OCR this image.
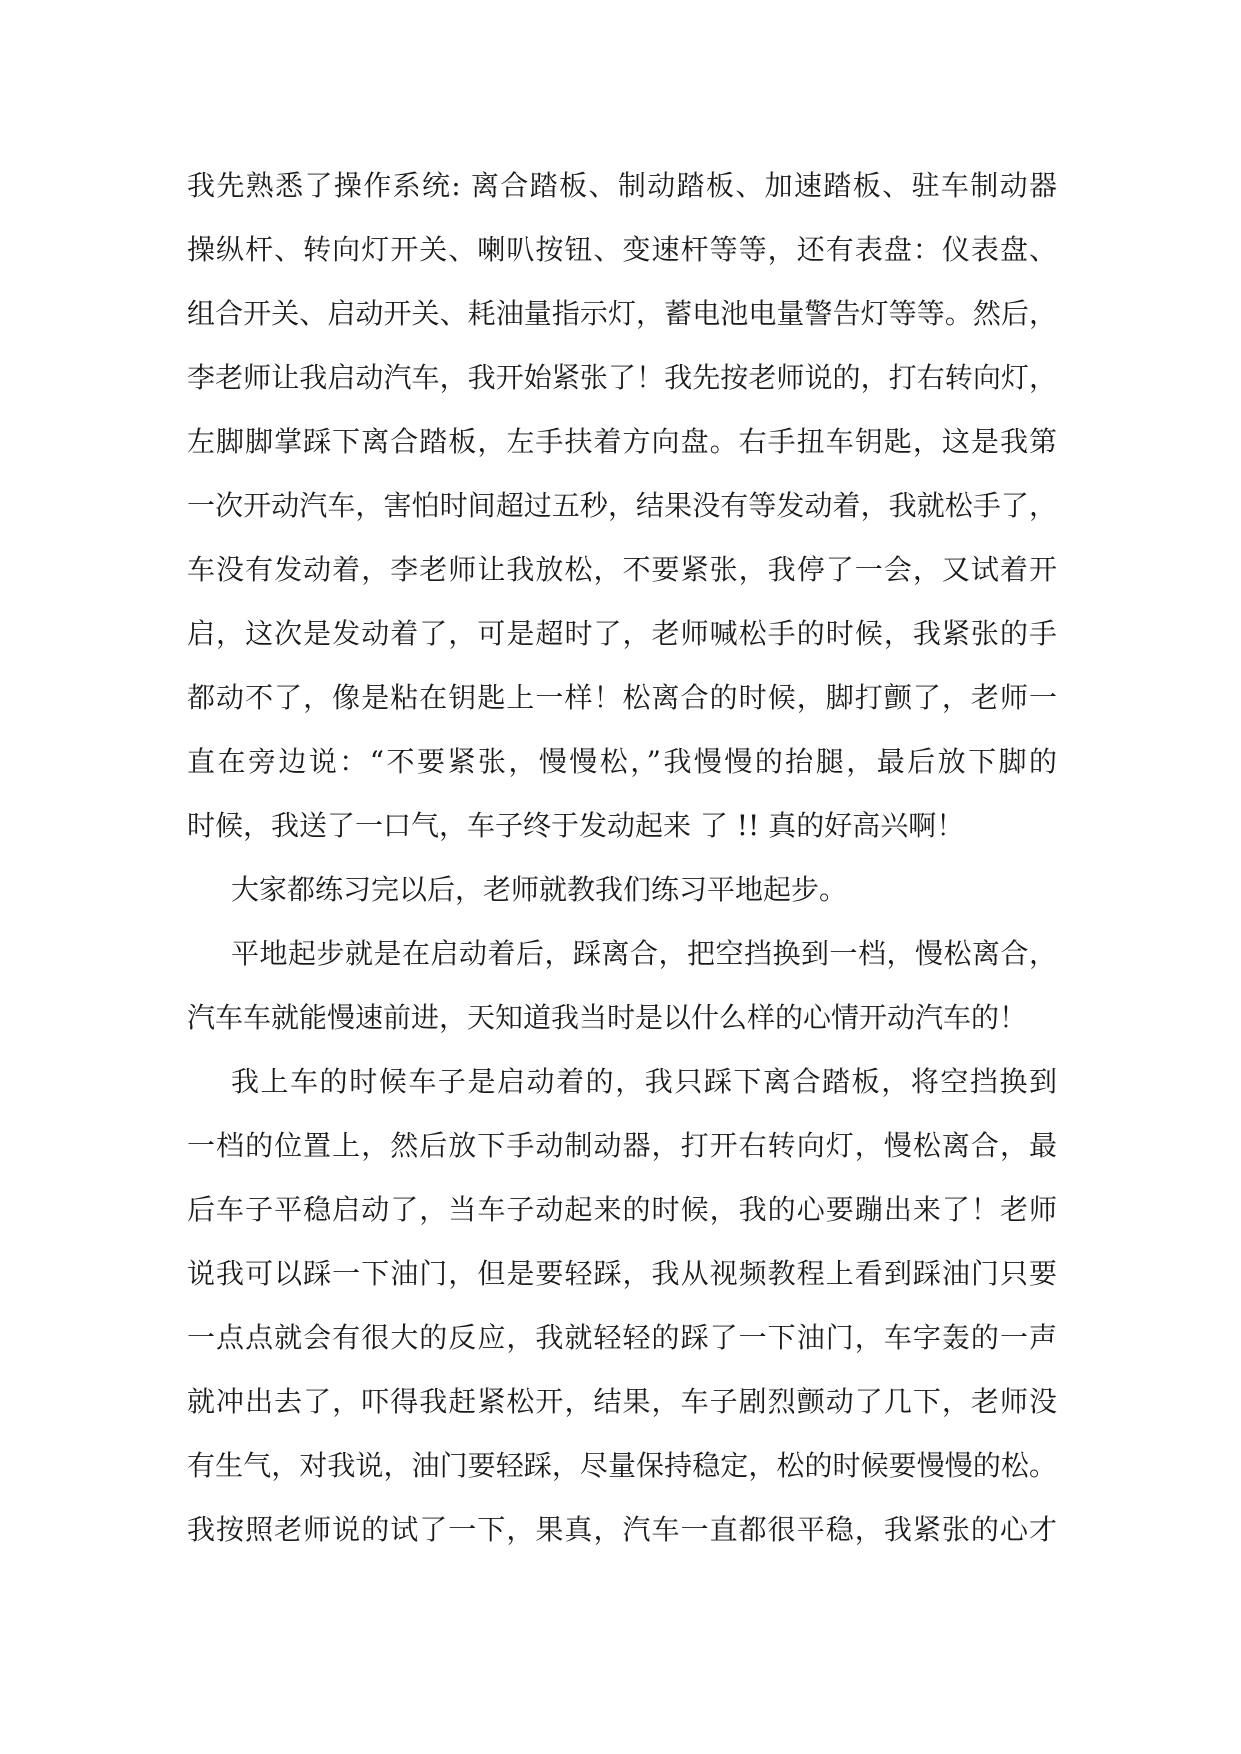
我先熟悉了操作系统: 离合踏板、制动踏板、加速踏板、驻车制动器
操纵杆、转向灯开关、喇叭按钮、变速杆等等，还有表盘：仪表盘、
组合开关、启动开关、耗油量指示灯，蓄电池电量警告灯等等。然后，
李老师让我启动汽车，我开始紧张了！我先按老师说的，打右转向灯，
左脚脚掌踩下离合踏板，左手扶着方向盘。右手扭车钥匙，这是我第
一次开动汽车，害怕时间超过五秒，结果没有等发动着，我就松手了，
车没有发动着，李老师让我放松，不要紧张，我停了一会，又试着开
启，这次是发动着了，可是超时了，老师喊松手的时候，我紧张的手
都动不了，像是粘在钥匙上一样！松离合的时候，脚打颤了，老师一
直在旁边说：“不要紧张，慢慢松，”我慢慢的抬腿，最后放下脚的
时候，我送了一口气，车子终于发动起来 了 !! 真的好高兴啊！
大家都练习完以后，老师就教我们练习平地起步。
平地起步就是在启动着后，踩离合，把空挡换到一档，慢松离合，
汽车车就能慢速前进，天知道我当时是以什么样的心情开动汽车的！
我上车的时候车子是启动着的，我只踩下离合踏板，将空挡换到
一档的位置上，然后放下手动制动器，打开右转向灯，慢松离合，最
后车子平稳启动了，当车子动起来的时候，我的心要蹦出来了！老师
说我可以踩一下油门，但是要轻踩，我从视频教程上看到踩油门只要
一点点就会有很大的反应，我就轻轻的踩了一下油门，车字轰的一声
就冲出去了，吓得我赶紧松开，结果，车子剧烈颤动了几下，老师没
有生气，对我说，油门要轻踩，尽量保持稳定，松的时候要慢慢的松。
我按照老师说的试了一下，果真，汽车一直都很平稳，我紧张的心才
